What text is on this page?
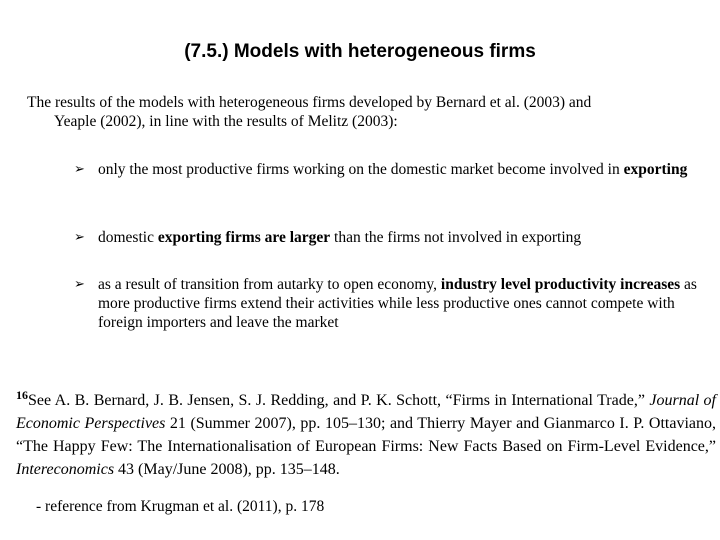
(7.5.) Models with heterogeneous firms
The results of the models with heterogeneous firms developed by Bernard et al. (2003) and
Yeaple (2002), in line with the results of Melitz (2003):
➢ only the most productive firms working on the domestic market become involved in exporting
➢ domestic exporting firms are larger than the firms not involved in exporting
➢ as a result of transition from autarky to open economy, industry level productivity increases as more productive firms extend their activities while less productive ones cannot compete with foreign importers and leave the market
$^{16}$See A. B. Bernard, J. B. Jensen, S. J. Redding, and P. K. Schott, “Firms in International Trade,” Journal of Economic Perspectives 21 (Summer 2007), pp. 105–130; and Thierry Mayer and Gianmarco I. P. Ottaviano, “The Happy Few: The Internationalisation of European Firms: New Facts Based on Firm-Level Evidence,” Intereconomics 43 (May/June 2008), pp. 135–148.
- reference from Krugman et al. (2011), p. 178
